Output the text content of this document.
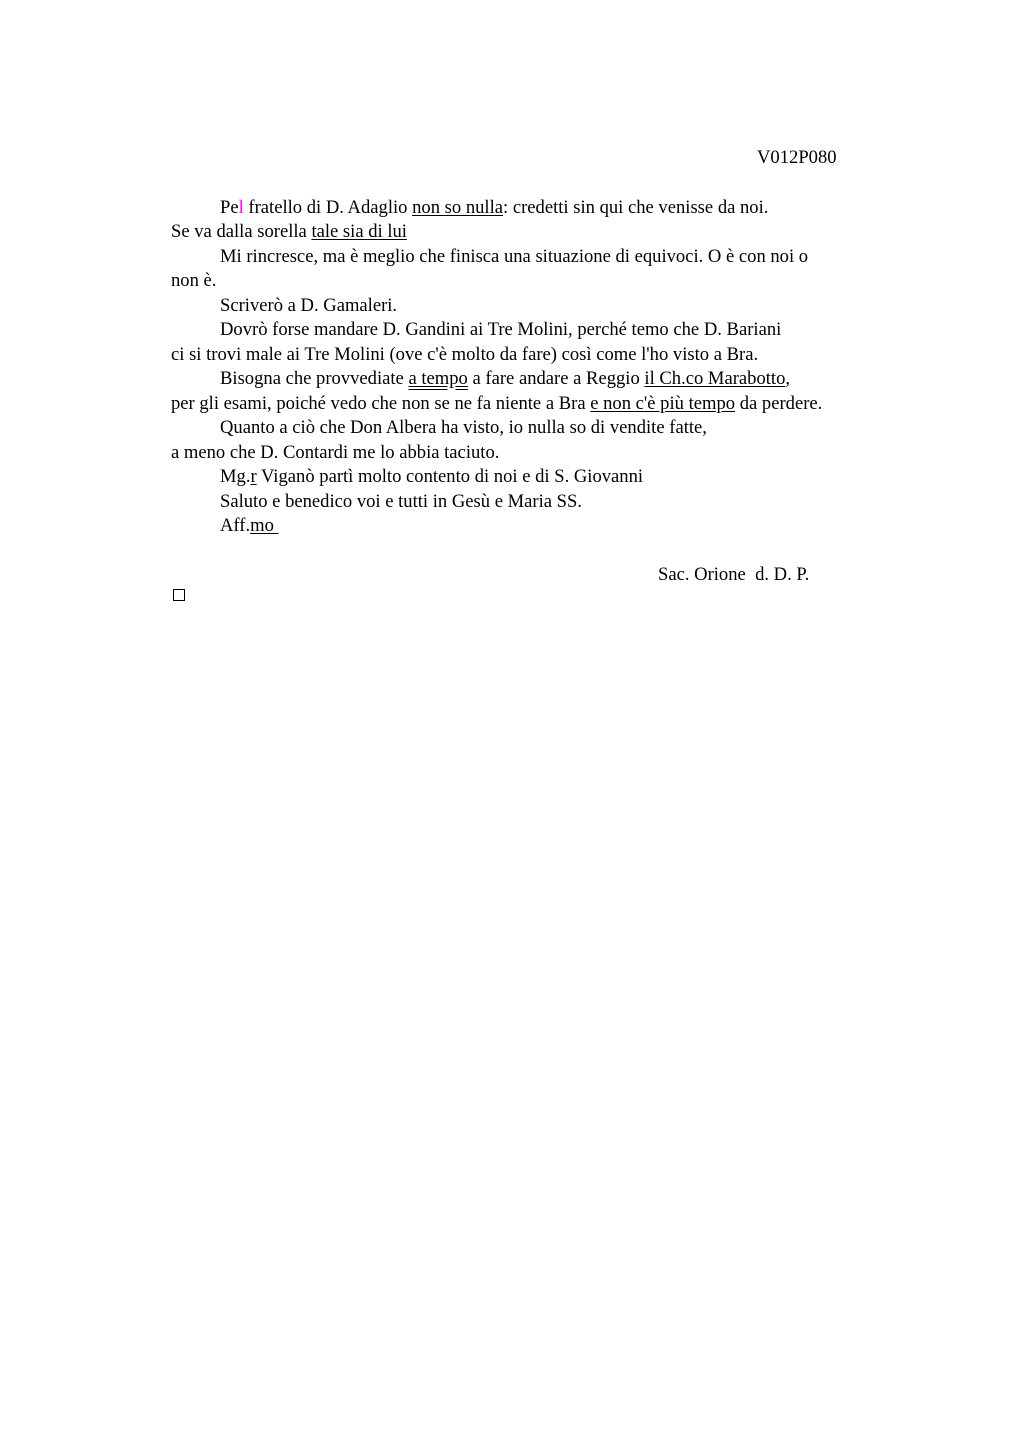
V012P080
Pel fratello di D. Adaglio non so nulla: credetti sin qui che venisse da noi.
Se va dalla sorella tale sia di lui
Mi rincresce, ma è meglio che finisca una situazione di equivoci. O è con noi o
non è.
Scriverò a D. Gamaleri.
Dovrò forse mandare D. Gandini ai Tre Molini, perché temo che D. Bariani
ci si trovi male ai Tre Molini (ove c'è molto da fare) così come l'ho visto a Bra.
Bisogna che provvediate a tempo a fare andare a Reggio il Ch.co Marabotto,
per gli esami, poiché vedo che non se ne fa niente a Bra e non c'è più tempo da perdere.
Quanto a ciò che Don Albera ha visto, io nulla so di vendite fatte,
a meno che D. Contardi me lo abbia taciuto.
Mg.r Viganò partì molto contento di noi e di S. Giovanni
Saluto e benedico voi e tutti in Gesù e Maria SS.
Aff.mo
Sac. Orione  d. D. P.
